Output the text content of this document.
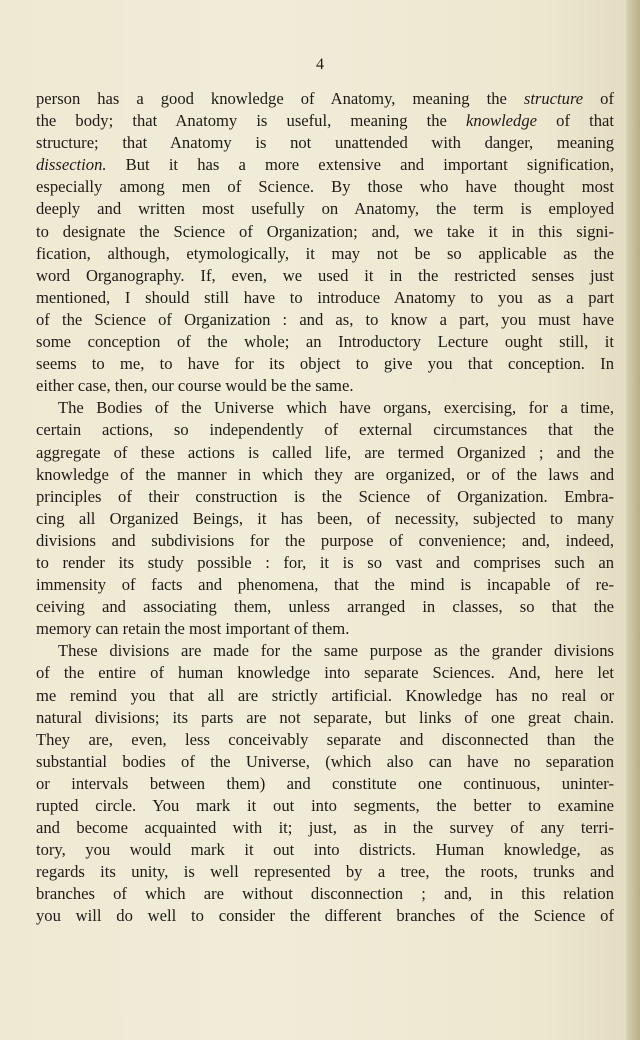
4
person has a good knowledge of Anatomy, meaning the structure of
the body; that Anatomy is useful, meaning the knowledge of that
structure; that Anatomy is not unattended with danger, meaning
dissection. But it has a more extensive and important signification,
especially among men of Science. By those who have thought most
deeply and written most usefully on Anatomy, the term is employed
to designate the Science of Organization; and, we take it in this signi-
fication, although, etymologically, it may not be so applicable as the
word Organography. If, even, we used it in the restricted senses just
mentioned, I should still have to introduce Anatomy to you as a part
of the Science of Organization : and as, to know a part, you must have
some conception of the whole; an Introductory Lecture ought still, it
seems to me, to have for its object to give you that conception. In
either case, then, our course would be the same.
The Bodies of the Universe which have organs, exercising, for a time,
certain actions, so independently of external circumstances that the
aggregate of these actions is called life, are termed Organized ; and the
knowledge of the manner in which they are organized, or of the laws and
principles of their construction is the Science of Organization. Embra-
cing all Organized Beings, it has been, of necessity, subjected to many
divisions and subdivisions for the purpose of convenience; and, indeed,
to render its study possible : for, it is so vast and comprises such an
immensity of facts and phenomena, that the mind is incapable of re-
ceiving and associating them, unless arranged in classes, so that the
memory can retain the most important of them.
These divisions are made for the same purpose as the grander divisions
of the entire of human knowledge into separate Sciences. And, here let
me remind you that all are strictly artificial. Knowledge has no real or
natural divisions; its parts are not separate, but links of one great chain.
They are, even, less conceivably separate and disconnected than the
substantial bodies of the Universe, (which also can have no separation
or intervals between them) and constitute one continuous, uninter-
rupted circle. You mark it out into segments, the better to examine
and become acquainted with it; just, as in the survey of any terri-
tory, you would mark it out into districts. Human knowledge, as
regards its unity, is well represented by a tree, the roots, trunks and
branches of which are without disconnection ; and, in this relation
you will do well to consider the different branches of the Science of
